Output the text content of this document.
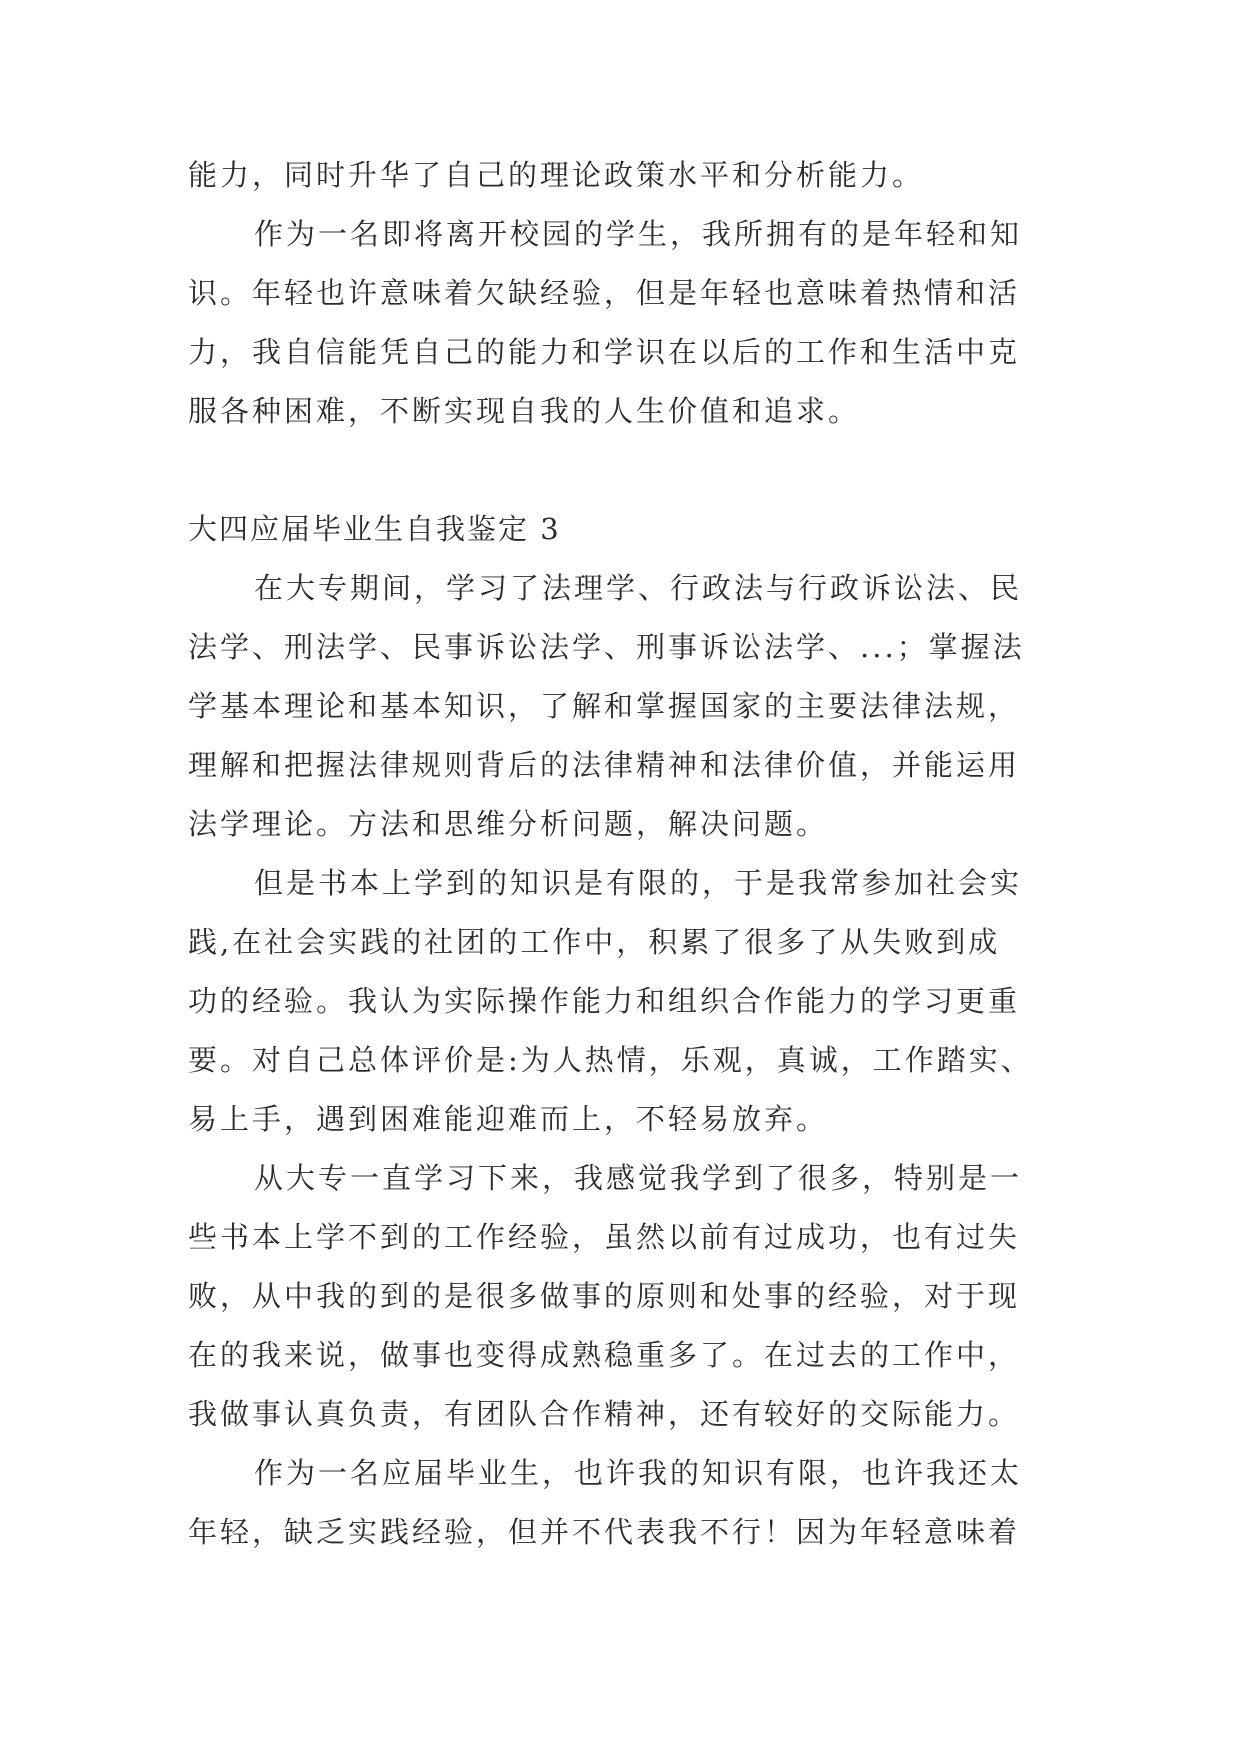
能力，同时升华了自己的理论政策水平和分析能力。
作为一名即将离开校园的学生，我所拥有的是年轻和知
识。年轻也许意味着欠缺经验，但是年轻也意味着热情和活
力，我自信能凭自己的能力和学识在以后的工作和生活中克
服各种困难，不断实现自我的人生价值和追求。
大四应届毕业生自我鉴定 3
在大专期间，学习了法理学、行政法与行政诉讼法、民
法学、刑法学、民事诉讼法学、刑事诉讼法学、...；掌握法
学基本理论和基本知识，了解和掌握国家的主要法律法规，
理解和把握法律规则背后的法律精神和法律价值，并能运用
法学理论。方法和思维分析问题，解决问题。
但是书本上学到的知识是有限的，于是我常参加社会实
践,在社会实践的社团的工作中，积累了很多了从失败到成
功的经验。我认为实际操作能力和组织合作能力的学习更重
要。对自己总体评价是:为人热情，乐观，真诚，工作踏实、
易上手，遇到困难能迎难而上，不轻易放弃。
从大专一直学习下来，我感觉我学到了很多，特别是一
些书本上学不到的工作经验，虽然以前有过成功，也有过失
败，从中我的到的是很多做事的原则和处事的经验，对于现
在的我来说，做事也变得成熟稳重多了。在过去的工作中，
我做事认真负责，有团队合作精神，还有较好的交际能力。
作为一名应届毕业生，也许我的知识有限，也许我还太
年轻，缺乏实践经验，但并不代表我不行！因为年轻意味着
